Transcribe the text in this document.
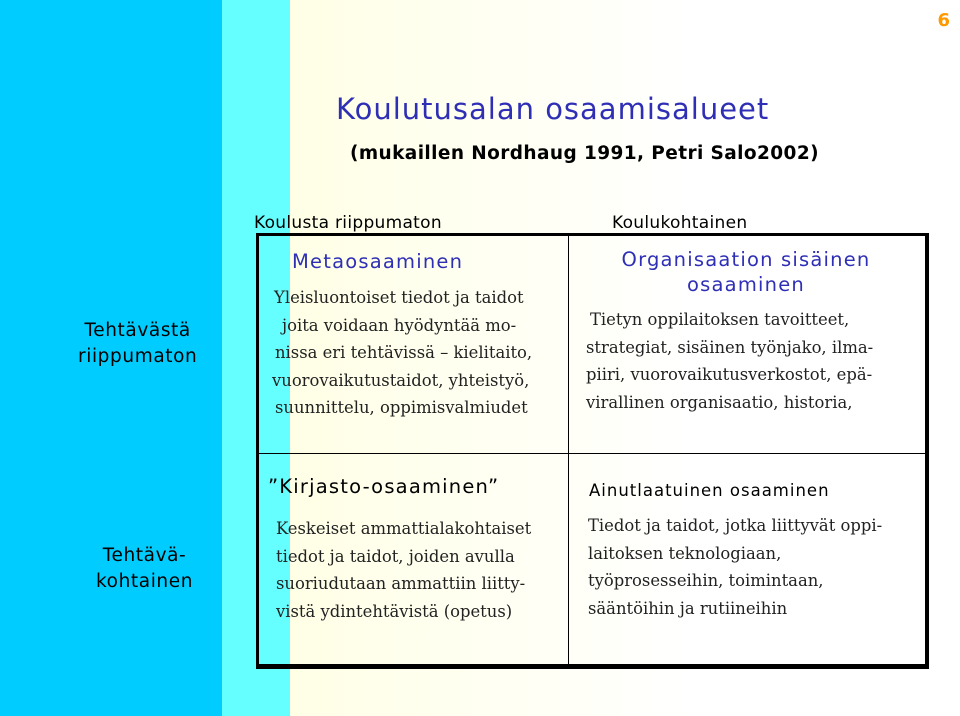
6
Koulutusalan osaamisalueet
(mukaillen Nordhaug 1991, Petri Salo2002)
Koulusta riippumaton	Koulukohtainen
Tehtävästä
riippumaton
Tehtävä-
kohtainen
Metaosaaminen
Yleisluontoiset tiedot ja taidot
joita voidaan hyödyntää mo-
nissa eri tehtävissä – kielitaito,
vuorovaikutustaidot, yhteistyö,
suunnittelu, oppimisvalmiudet
Organisaation sisäinen
osaaminen
Tietyn oppilaitoksen tavoitteet,
strategiat, sisäinen työnjako, ilma-
piiri, vuorovaikutusverkostot, epä-
virallinen organisaatio, historia,
”Kirjasto-osaaminen”
Keskeiset ammattialakohtaiset
tiedot ja taidot, joiden avulla
suoriudutaan ammattiin liitty-
vistä ydintehtävistä (opetus)
Ainutlaatuinen osaaminen
Tiedot ja taidot, jotka liittyvät oppi-
laitoksen teknologiaan,
työprosesseihin, toimintaan,
sääntöihin ja rutiineihin
